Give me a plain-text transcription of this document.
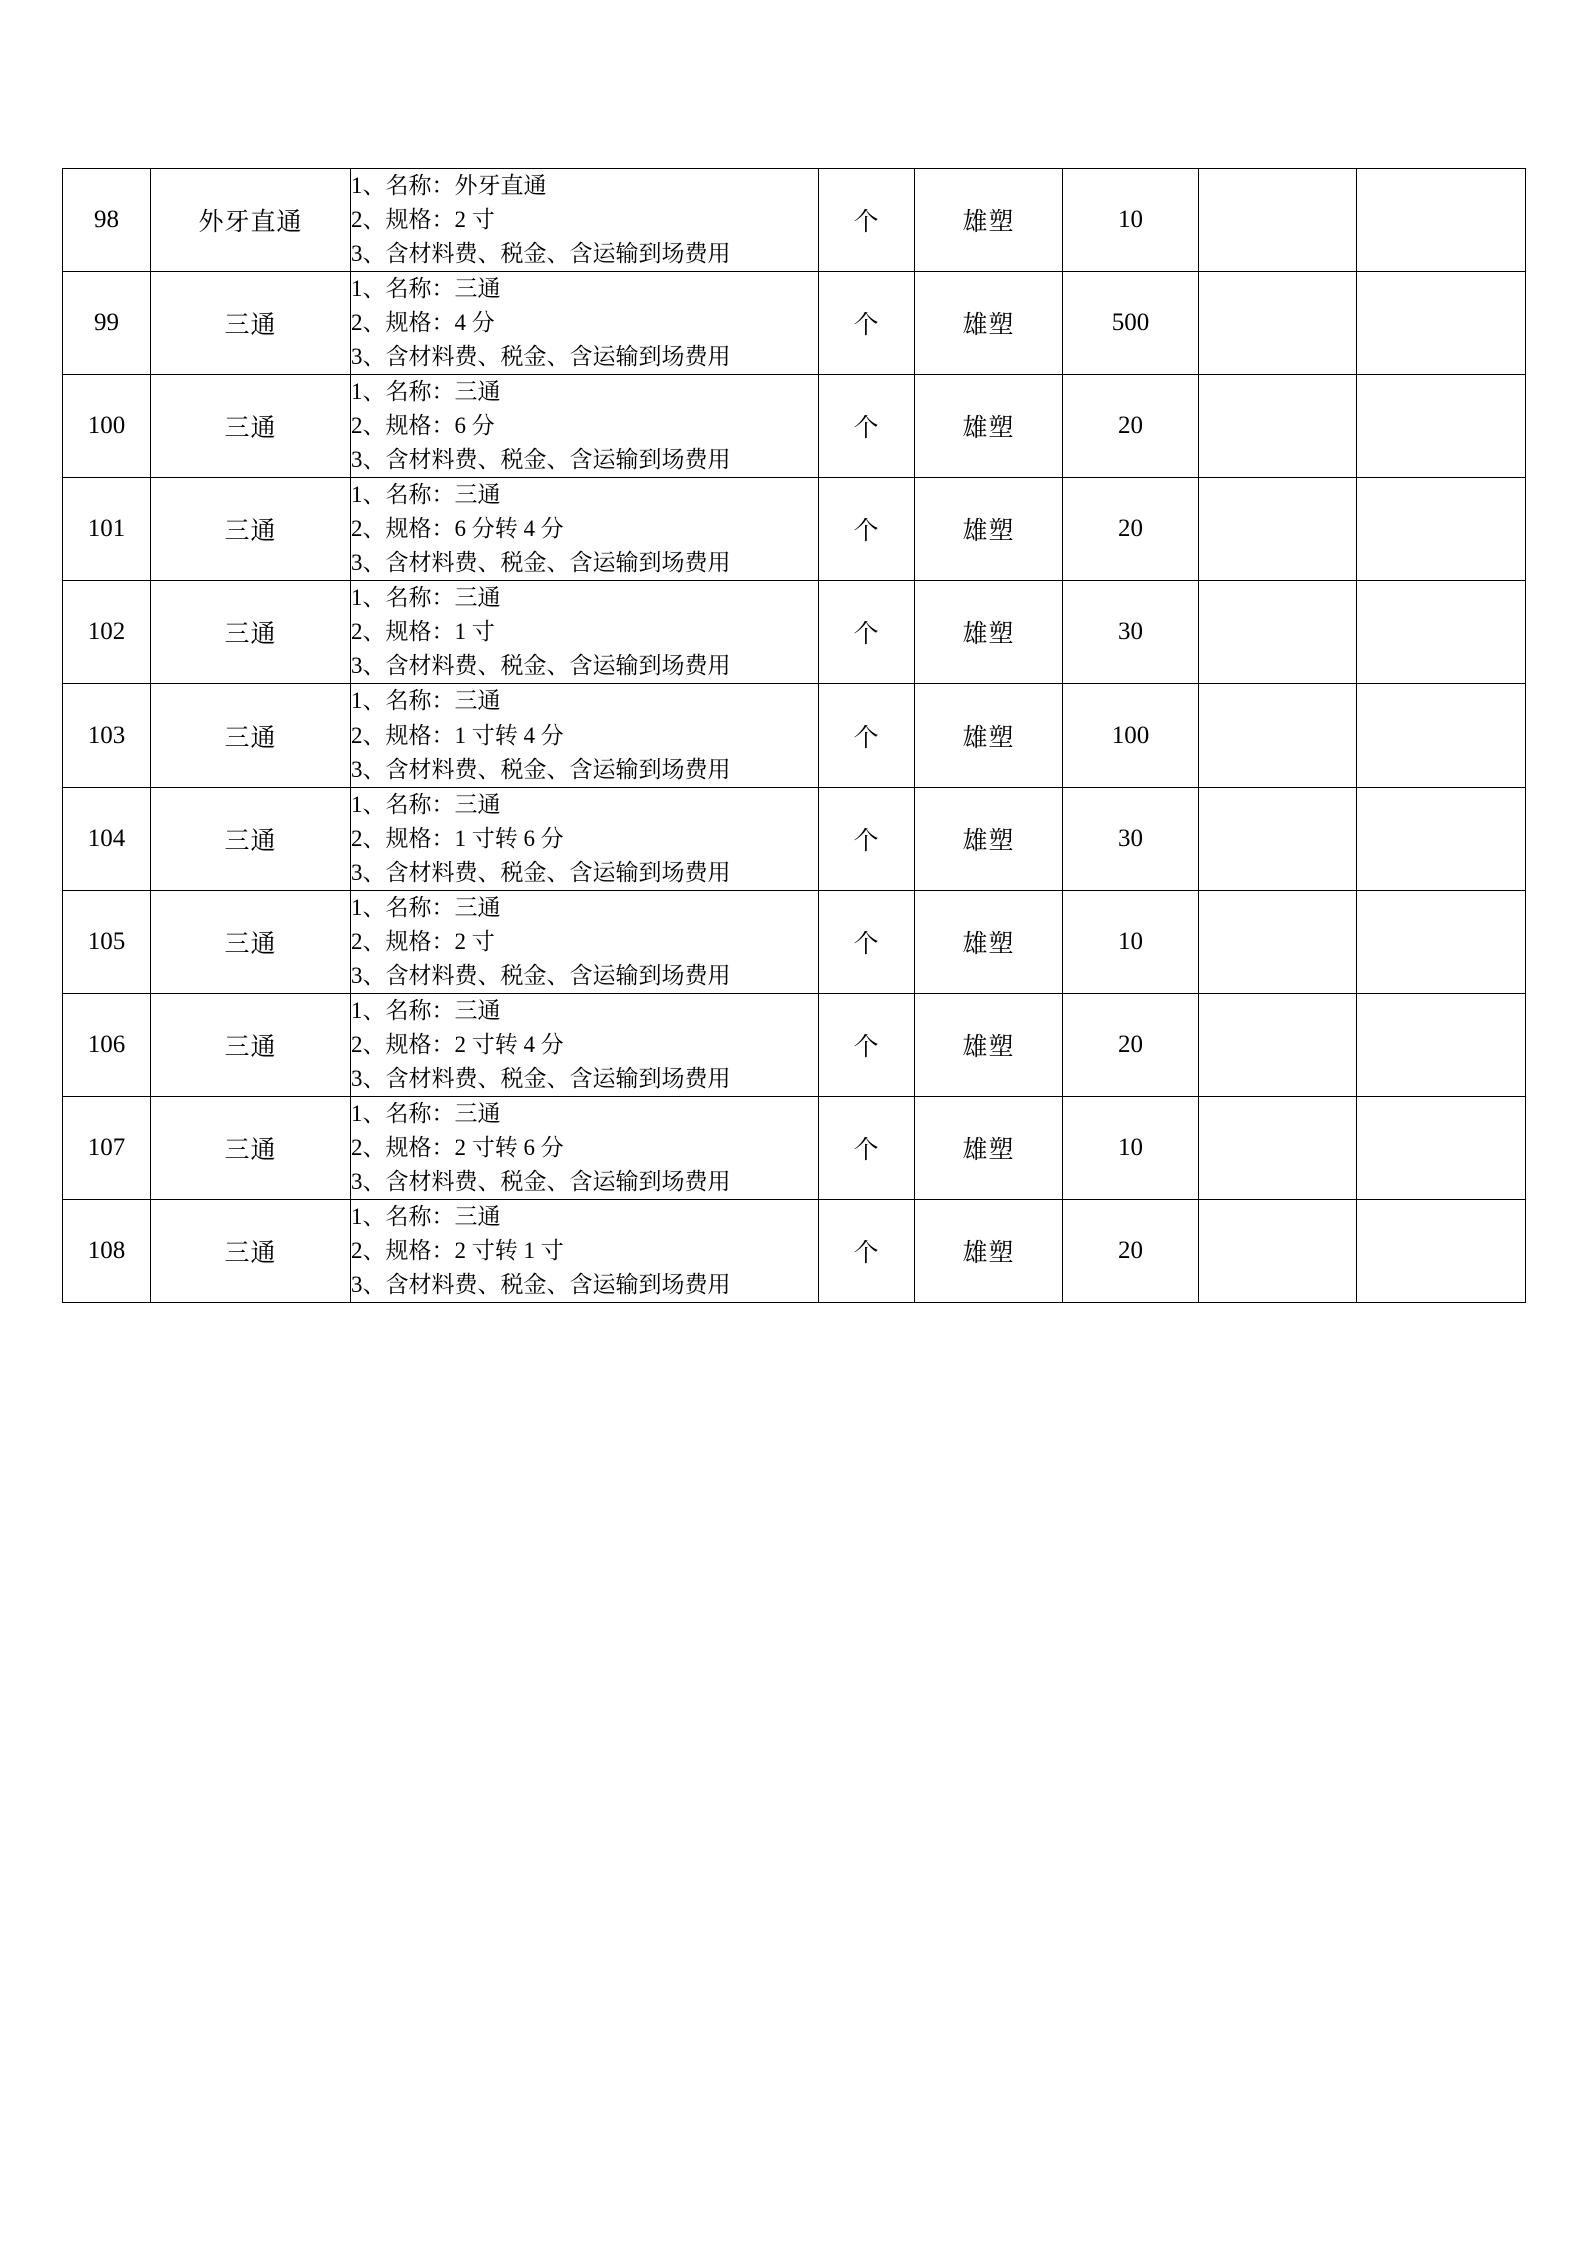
98	外牙直通	1、名称：外牙直通
2、规格：2 寸
3、含材料费、税金、含运输到场费用	个	雄塑	10		
99	三通	1、名称：三通
2、规格：4 分
3、含材料费、税金、含运输到场费用	个	雄塑	500		
100	三通	1、名称：三通
2、规格：6 分
3、含材料费、税金、含运输到场费用	个	雄塑	20		
101	三通	1、名称：三通
2、规格：6 分转 4 分
3、含材料费、税金、含运输到场费用	个	雄塑	20		
102	三通	1、名称：三通
2、规格：1 寸
3、含材料费、税金、含运输到场费用	个	雄塑	30		
103	三通	1、名称：三通
2、规格：1 寸转 4 分
3、含材料费、税金、含运输到场费用	个	雄塑	100		
104	三通	1、名称：三通
2、规格：1 寸转 6 分
3、含材料费、税金、含运输到场费用	个	雄塑	30		
105	三通	1、名称：三通
2、规格：2 寸
3、含材料费、税金、含运输到场费用	个	雄塑	10		
106	三通	1、名称：三通
2、规格：2 寸转 4 分
3、含材料费、税金、含运输到场费用	个	雄塑	20		
107	三通	1、名称：三通
2、规格：2 寸转 6 分
3、含材料费、税金、含运输到场费用	个	雄塑	10		
108	三通	1、名称：三通
2、规格：2 寸转 1 寸
3、含材料费、税金、含运输到场费用	个	雄塑	20		
